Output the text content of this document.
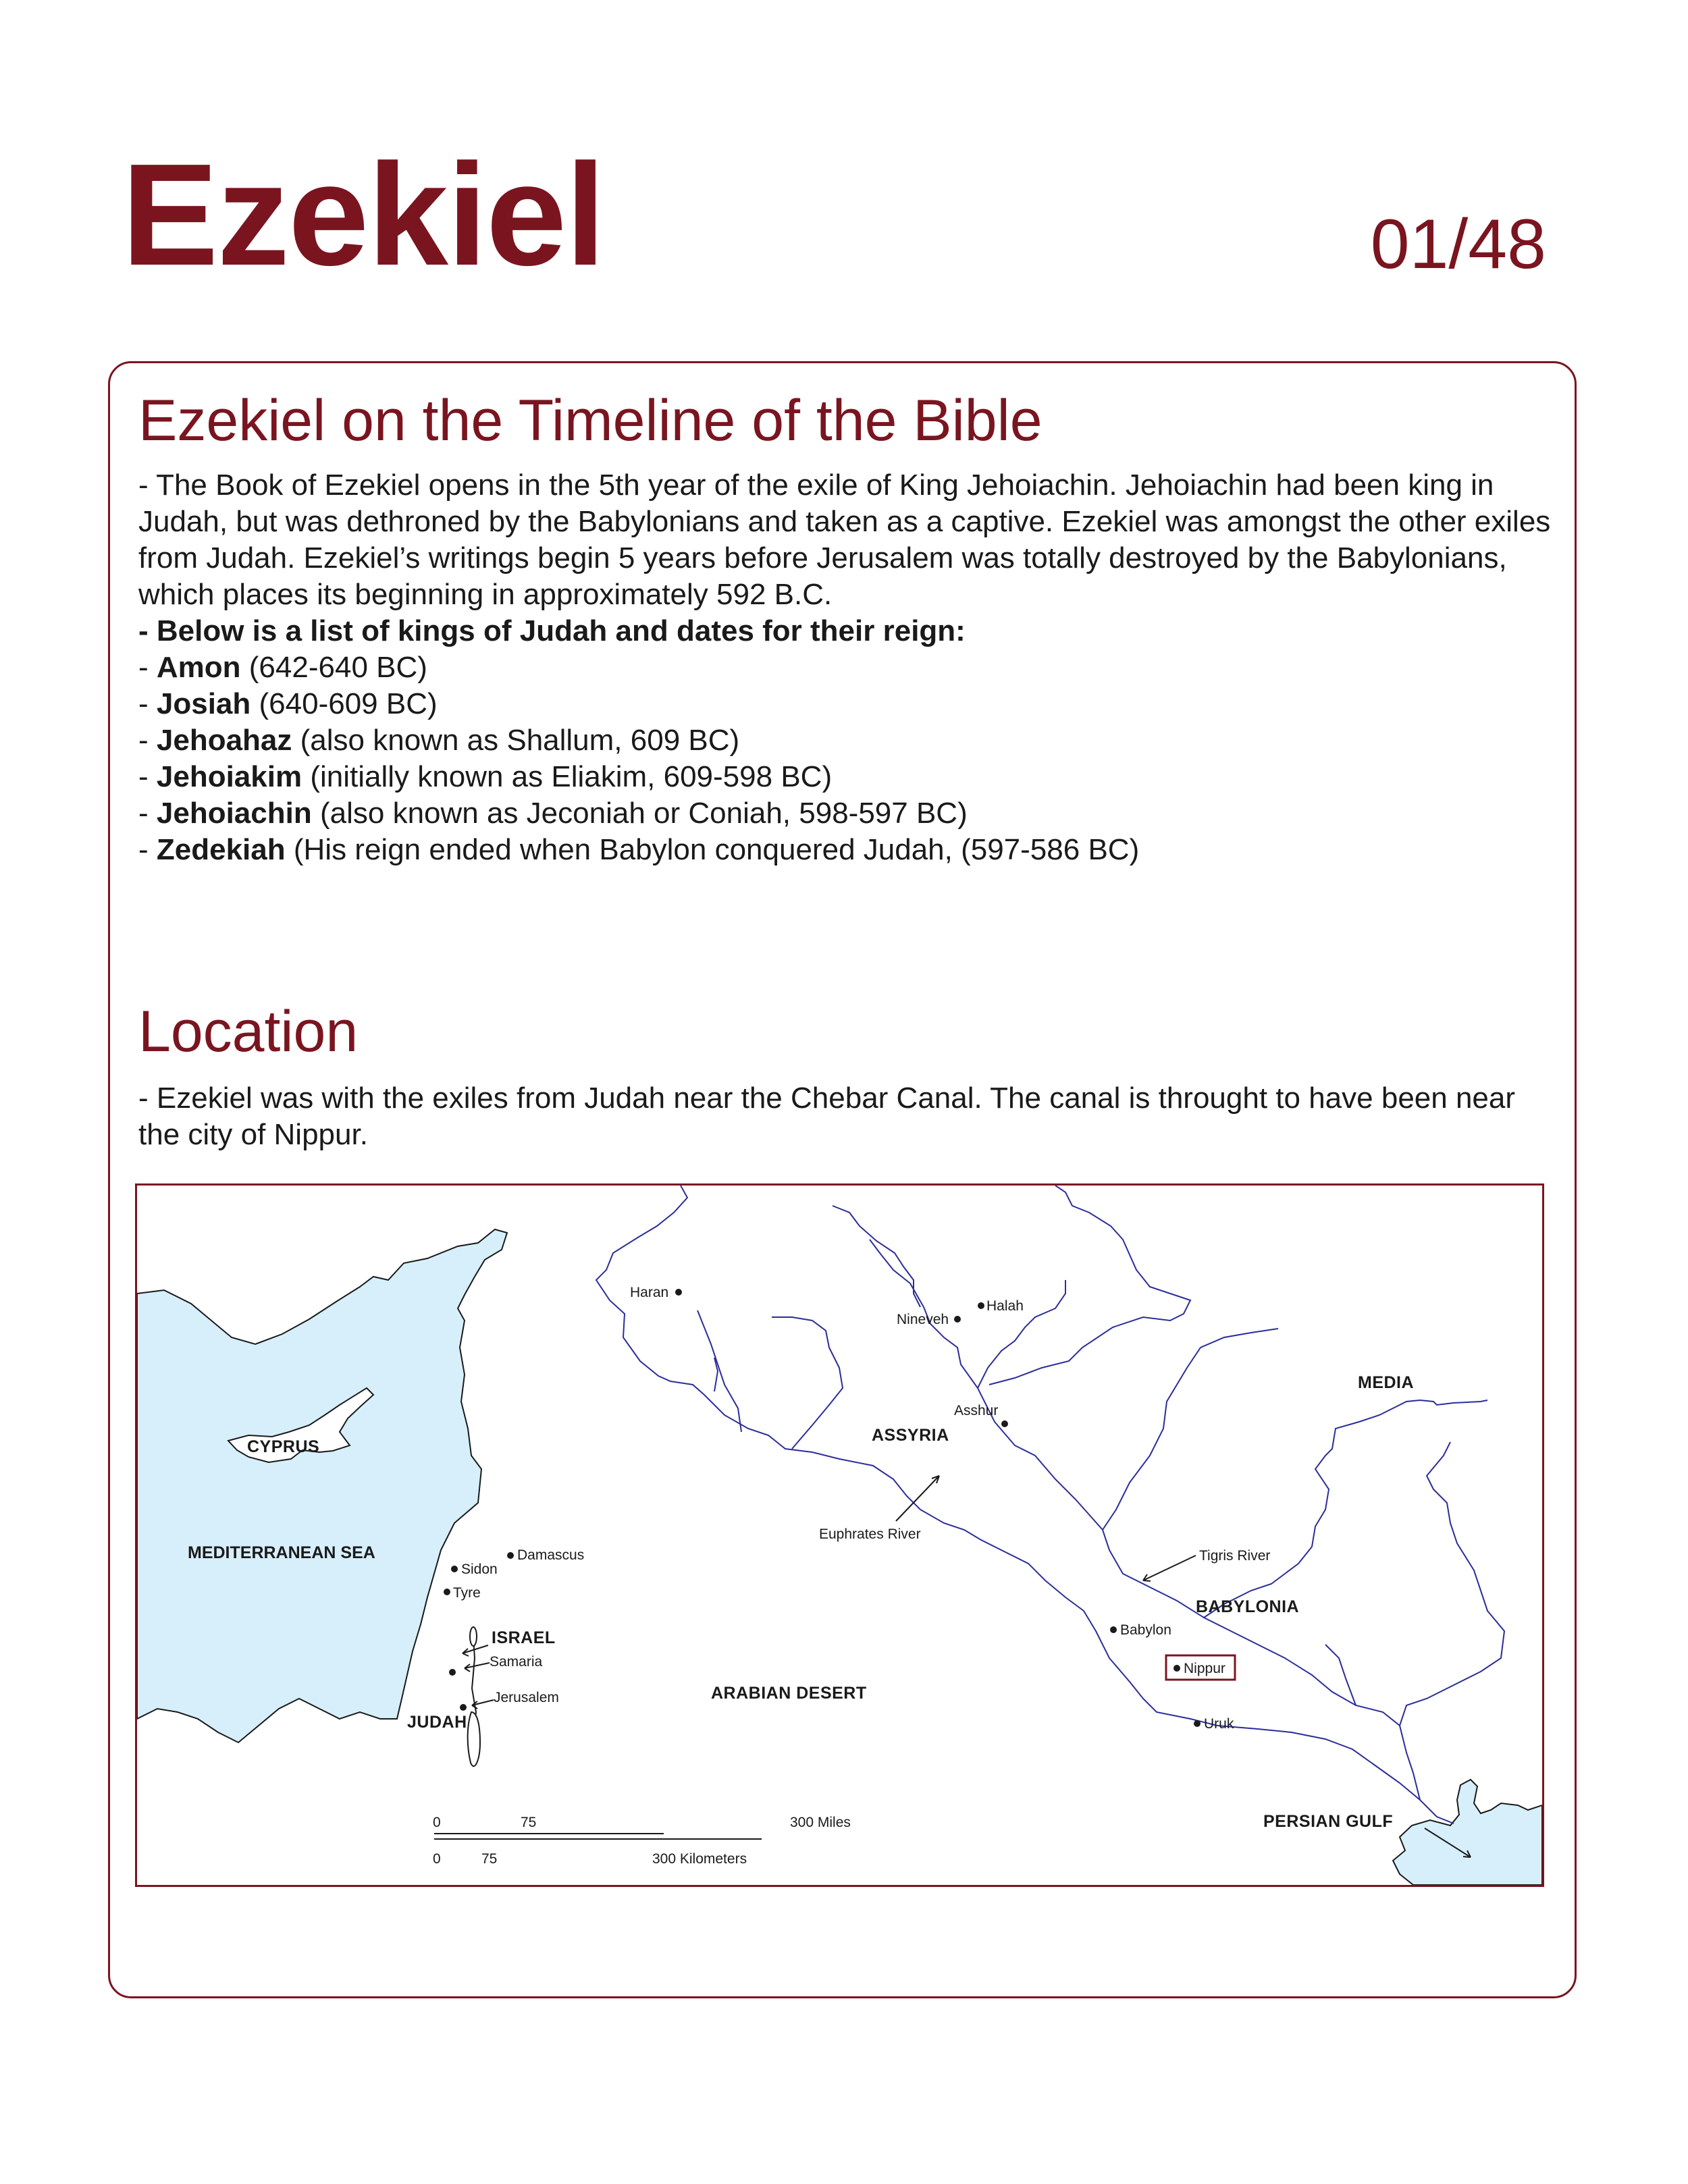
Ezekiel	01/48
Ezekiel on the Timeline of the Bible

- The Book of Ezekiel opens in the 5th year of the exile of King Jehoiachin. Jehoiachin had been king in Judah, but was dethroned by the Babylonians and taken as a captive. Ezekiel was amongst the other exiles from Judah. Ezekiel’s writings begin 5 years before Jerusalem was totally destroyed by the Babylonians, which places its beginning in approximately 592 B.C.

- Below is a list of kings of Judah and dates for their reign:

- Amon (642-640 BC)
- Josiah (640-609 BC)
- Jehoahaz (also known as Shallum, 609 BC)
- Jehoiakim (initially known as Eliakim, 609-598 BC)
- Jehoiachin (also known as Jeconiah or Coniah, 598-597 BC)
- Zedekiah (His reign ended when Babylon conquered Judah, (597-586 BC)
Location

- Ezekiel was with the exiles from Judah near the Chebar Canal. The canal is throught to have been near the city of Nippur.

CYPRUS
MEDITERRANEAN SEA
ISRAEL
JUDAH
ARABIAN DESERT
ASSYRIA
MEDIA
BABYLONIA
PERSIAN GULF
Haran
Nineveh
Halah
Asshur
Damascus
Sidon
Tyre
Samaria
Jerusalem
Babylon
Nippur
Uruk
Euphrates River
Tigris River
0	75	300 Miles
0	75	300 Kilometers
